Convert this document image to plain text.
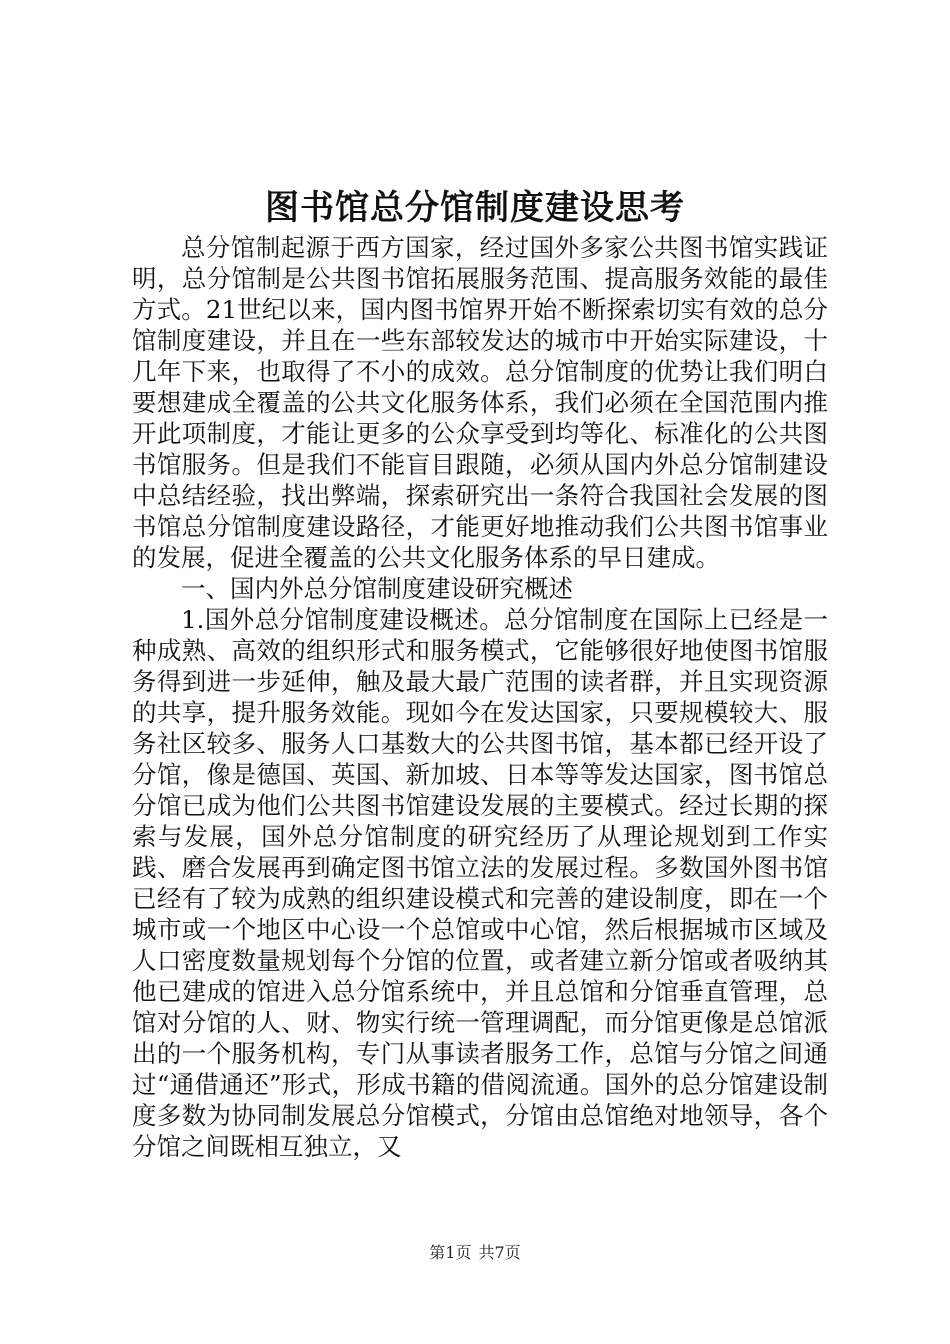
图书馆总分馆制度建设思考

总分馆制起源于西方国家，经过国外多家公共图书馆实践证明，总分馆制是公共图书馆拓展服务范围、提高服务效能的最佳方式。21世纪以来，国内图书馆界开始不断探索切实有效的总分馆制度建设，并且在一些东部较发达的城市中开始实际建设，十几年下来，也取得了不小的成效。总分馆制度的优势让我们明白要想建成全覆盖的公共文化服务体系，我们必须在全国范围内推开此项制度，才能让更多的公众享受到均等化、标准化的公共图书馆服务。但是我们不能盲目跟随，必须从国内外总分馆制建设中总结经验，找出弊端，探索研究出一条符合我国社会发展的图书馆总分馆制度建设路径，才能更好地推动我们公共图书馆事业的发展，促进全覆盖的公共文化服务体系的早日建成。

一、国内外总分馆制度建设研究概述

1.国外总分馆制度建设概述。总分馆制度在国际上已经是一种成熟、高效的组织形式和服务模式，它能够很好地使图书馆服务得到进一步延伸，触及最大最广范围的读者群，并且实现资源的共享，提升服务效能。现如今在发达国家，只要规模较大、服务社区较多、服务人口基数大的公共图书馆，基本都已经开设了分馆，像是德国、英国、新加坡、日本等等发达国家，图书馆总分馆已成为他们公共图书馆建设发展的主要模式。经过长期的探索与发展，国外总分馆制度的研究经历了从理论规划到工作实践、磨合发展再到确定图书馆立法的发展过程。多数国外图书馆已经有了较为成熟的组织建设模式和完善的建设制度，即在一个城市或一个地区中心设一个总馆或中心馆，然后根据城市区域及人口密度数量规划每个分馆的位置，或者建立新分馆或者吸纳其他已建成的馆进入总分馆系统中，并且总馆和分馆垂直管理，总馆对分馆的人、财、物实行统一管理调配，而分馆更像是总馆派出的一个服务机构，专门从事读者服务工作，总馆与分馆之间通过“通借通还”形式，形成书籍的借阅流通。国外的总分馆建设制度多数为协同制发展总分馆模式，分馆由总馆绝对地领导，各个分馆之间既相互独立，又

第1页 共7页
